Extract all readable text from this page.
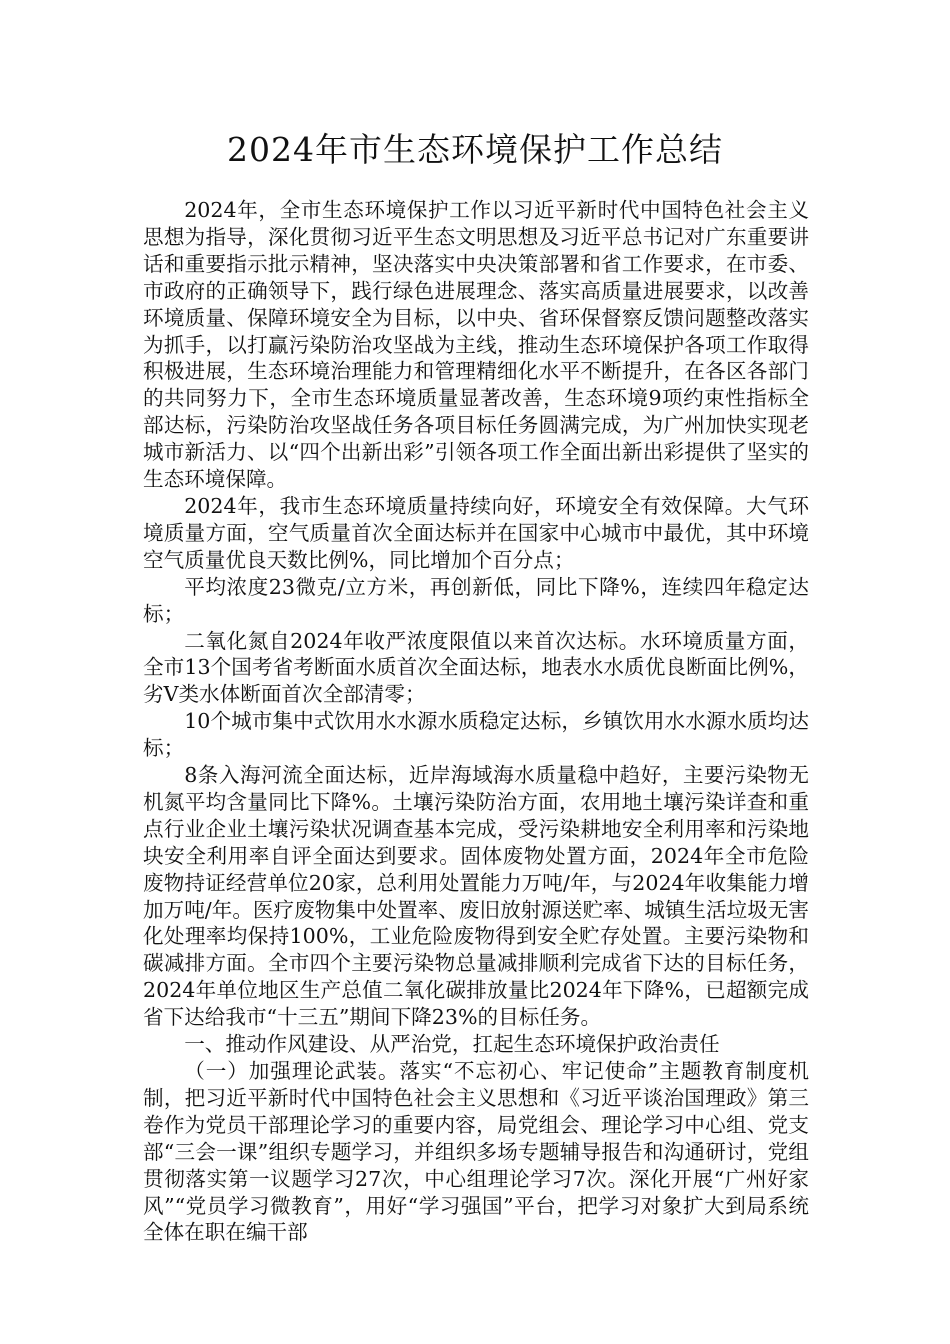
2024年市生态环境保护工作总结

2024年，全市生态环境保护工作以习近平新时代中国特色社会主义思想为指导，深化贯彻习近平生态文明思想及习近平总书记对广东重要讲话和重要指示批示精神，坚决落实中央决策部署和省工作要求，在市委、市政府的正确领导下，践行绿色进展理念、落实高质量进展要求，以改善环境质量、保障环境安全为目标，以中央、省环保督察反馈问题整改落实为抓手，以打赢污染防治攻坚战为主线，推动生态环境保护各项工作取得积极进展，生态环境治理能力和管理精细化水平不断提升，在各区各部门的共同努力下，全市生态环境质量显著改善，生态环境9项约束性指标全部达标，污染防治攻坚战任务各项目标任务圆满完成，为广州加快实现老城市新活力、以“四个出新出彩”引领各项工作全面出新出彩提供了坚实的生态环境保障。

2024年，我市生态环境质量持续向好，环境安全有效保障。大气环境质量方面，空气质量首次全面达标并在国家中心城市中最优，其中环境空气质量优良天数比例%，同比增加个百分点；

平均浓度23微克/立方米，再创新低，同比下降%，连续四年稳定达标；

二氧化氮自2024年收严浓度限值以来首次达标。水环境质量方面，全市13个国考省考断面水质首次全面达标，地表水水质优良断面比例%，劣Ⅴ类水体断面首次全部清零；

10个城市集中式饮用水水源水质稳定达标，乡镇饮用水水源水质均达标；

8条入海河流全面达标，近岸海域海水质量稳中趋好，主要污染物无机氮平均含量同比下降%。土壤污染防治方面，农用地土壤污染详查和重点行业企业土壤污染状况调查基本完成，受污染耕地安全利用率和污染地块安全利用率自评全面达到要求。固体废物处置方面，2024年全市危险废物持证经营单位20家，总利用处置能力万吨/年，与2024年收集能力增加万吨/年。医疗废物集中处置率、废旧放射源送贮率、城镇生活垃圾无害化处理率均保持100%，工业危险废物得到安全贮存处置。主要污染物和碳减排方面。全市四个主要污染物总量减排顺利完成省下达的目标任务，2024年单位地区生产总值二氧化碳排放量比2024年下降%，已超额完成省下达给我市“十三五”期间下降23%的目标任务。

一、推动作风建设、从严治党，扛起生态环境保护政治责任

（一）加强理论武装。落实“不忘初心、牢记使命”主题教育制度机制，把习近平新时代中国特色社会主义思想和《习近平谈治国理政》第三卷作为党员干部理论学习的重要内容，局党组会、理论学习中心组、党支部“三会一课”组织专题学习，并组织多场专题辅导报告和沟通研讨，党组贯彻落实第一议题学习27次，中心组理论学习7次。深化开展“广州好家风”“党员学习微教育”，用好“学习强国”平台，把学习对象扩大到局系统全体在职在编干部
